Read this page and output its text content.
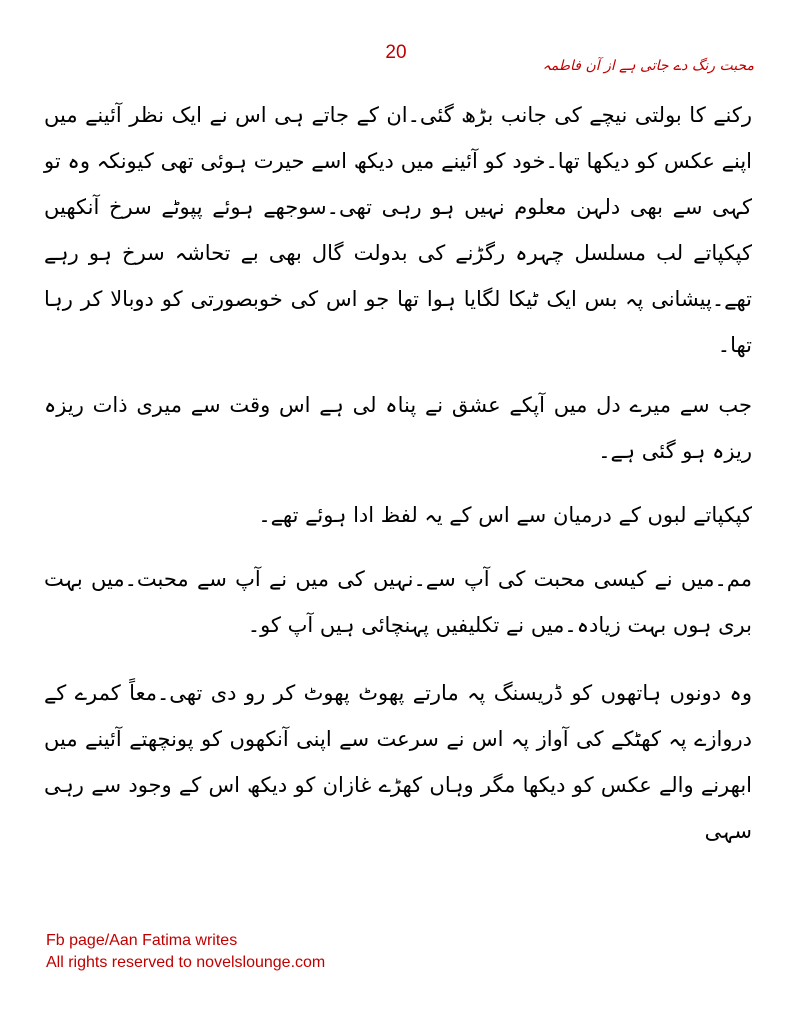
20
محبت رنگ دے جاتی ہے از آن فاطمہ

رکنے کا بولتی نیچے کی جانب بڑھ گئی۔ان کے جاتے ہی اس نے ایک نظر آئینے میں اپنے عکس کو دیکھا تھا۔خود کو آئینے میں دیکھ اسے حیرت ہوئی تھی کیونکہ وہ تو کہی سے بھی دلہن معلوم نہیں ہو رہی تھی۔سوجھے ہوئے پپوٹے سرخ آنکھیں کپکپاتے لب مسلسل چہرہ رگڑنے کی بدولت گال بھی بے تحاشہ سرخ ہو رہے تھے۔پیشانی پہ بس ایک ٹیکا لگایا ہوا تھا جو اس کی خوبصورتی کو دوبالا کر رہا تھا۔

جب سے میرے دل میں آپکے عشق نے پناہ لی ہے اس وقت سے میری ذات ریزہ ریزہ ہو گئی ہے۔

کپکپاتے لبوں کے درمیان سے اس کے یہ لفظ ادا ہوئے تھے۔

مم۔میں نے کیسی محبت کی آپ سے۔نہیں کی میں نے آپ سے محبت۔میں بہت بری ہوں بہت زیادہ۔میں نے تکلیفیں پہنچائی ہیں آپ کو۔

وہ دونوں ہاتھوں کو ڈریسنگ پہ مارتے پھوٹ پھوٹ کر رو دی تھی۔معاً کمرے کے دروازے پہ کھٹکے کی آواز پہ اس نے سرعت سے اپنی آنکھوں کو پونچھتے آئینے میں ابھرنے والے عکس کو دیکھا مگر وہاں کھڑے غازان کو دیکھ اس کے وجود سے رہی سہی

Fb page/Aan Fatima writes
All rights reserved to novelslounge.com
